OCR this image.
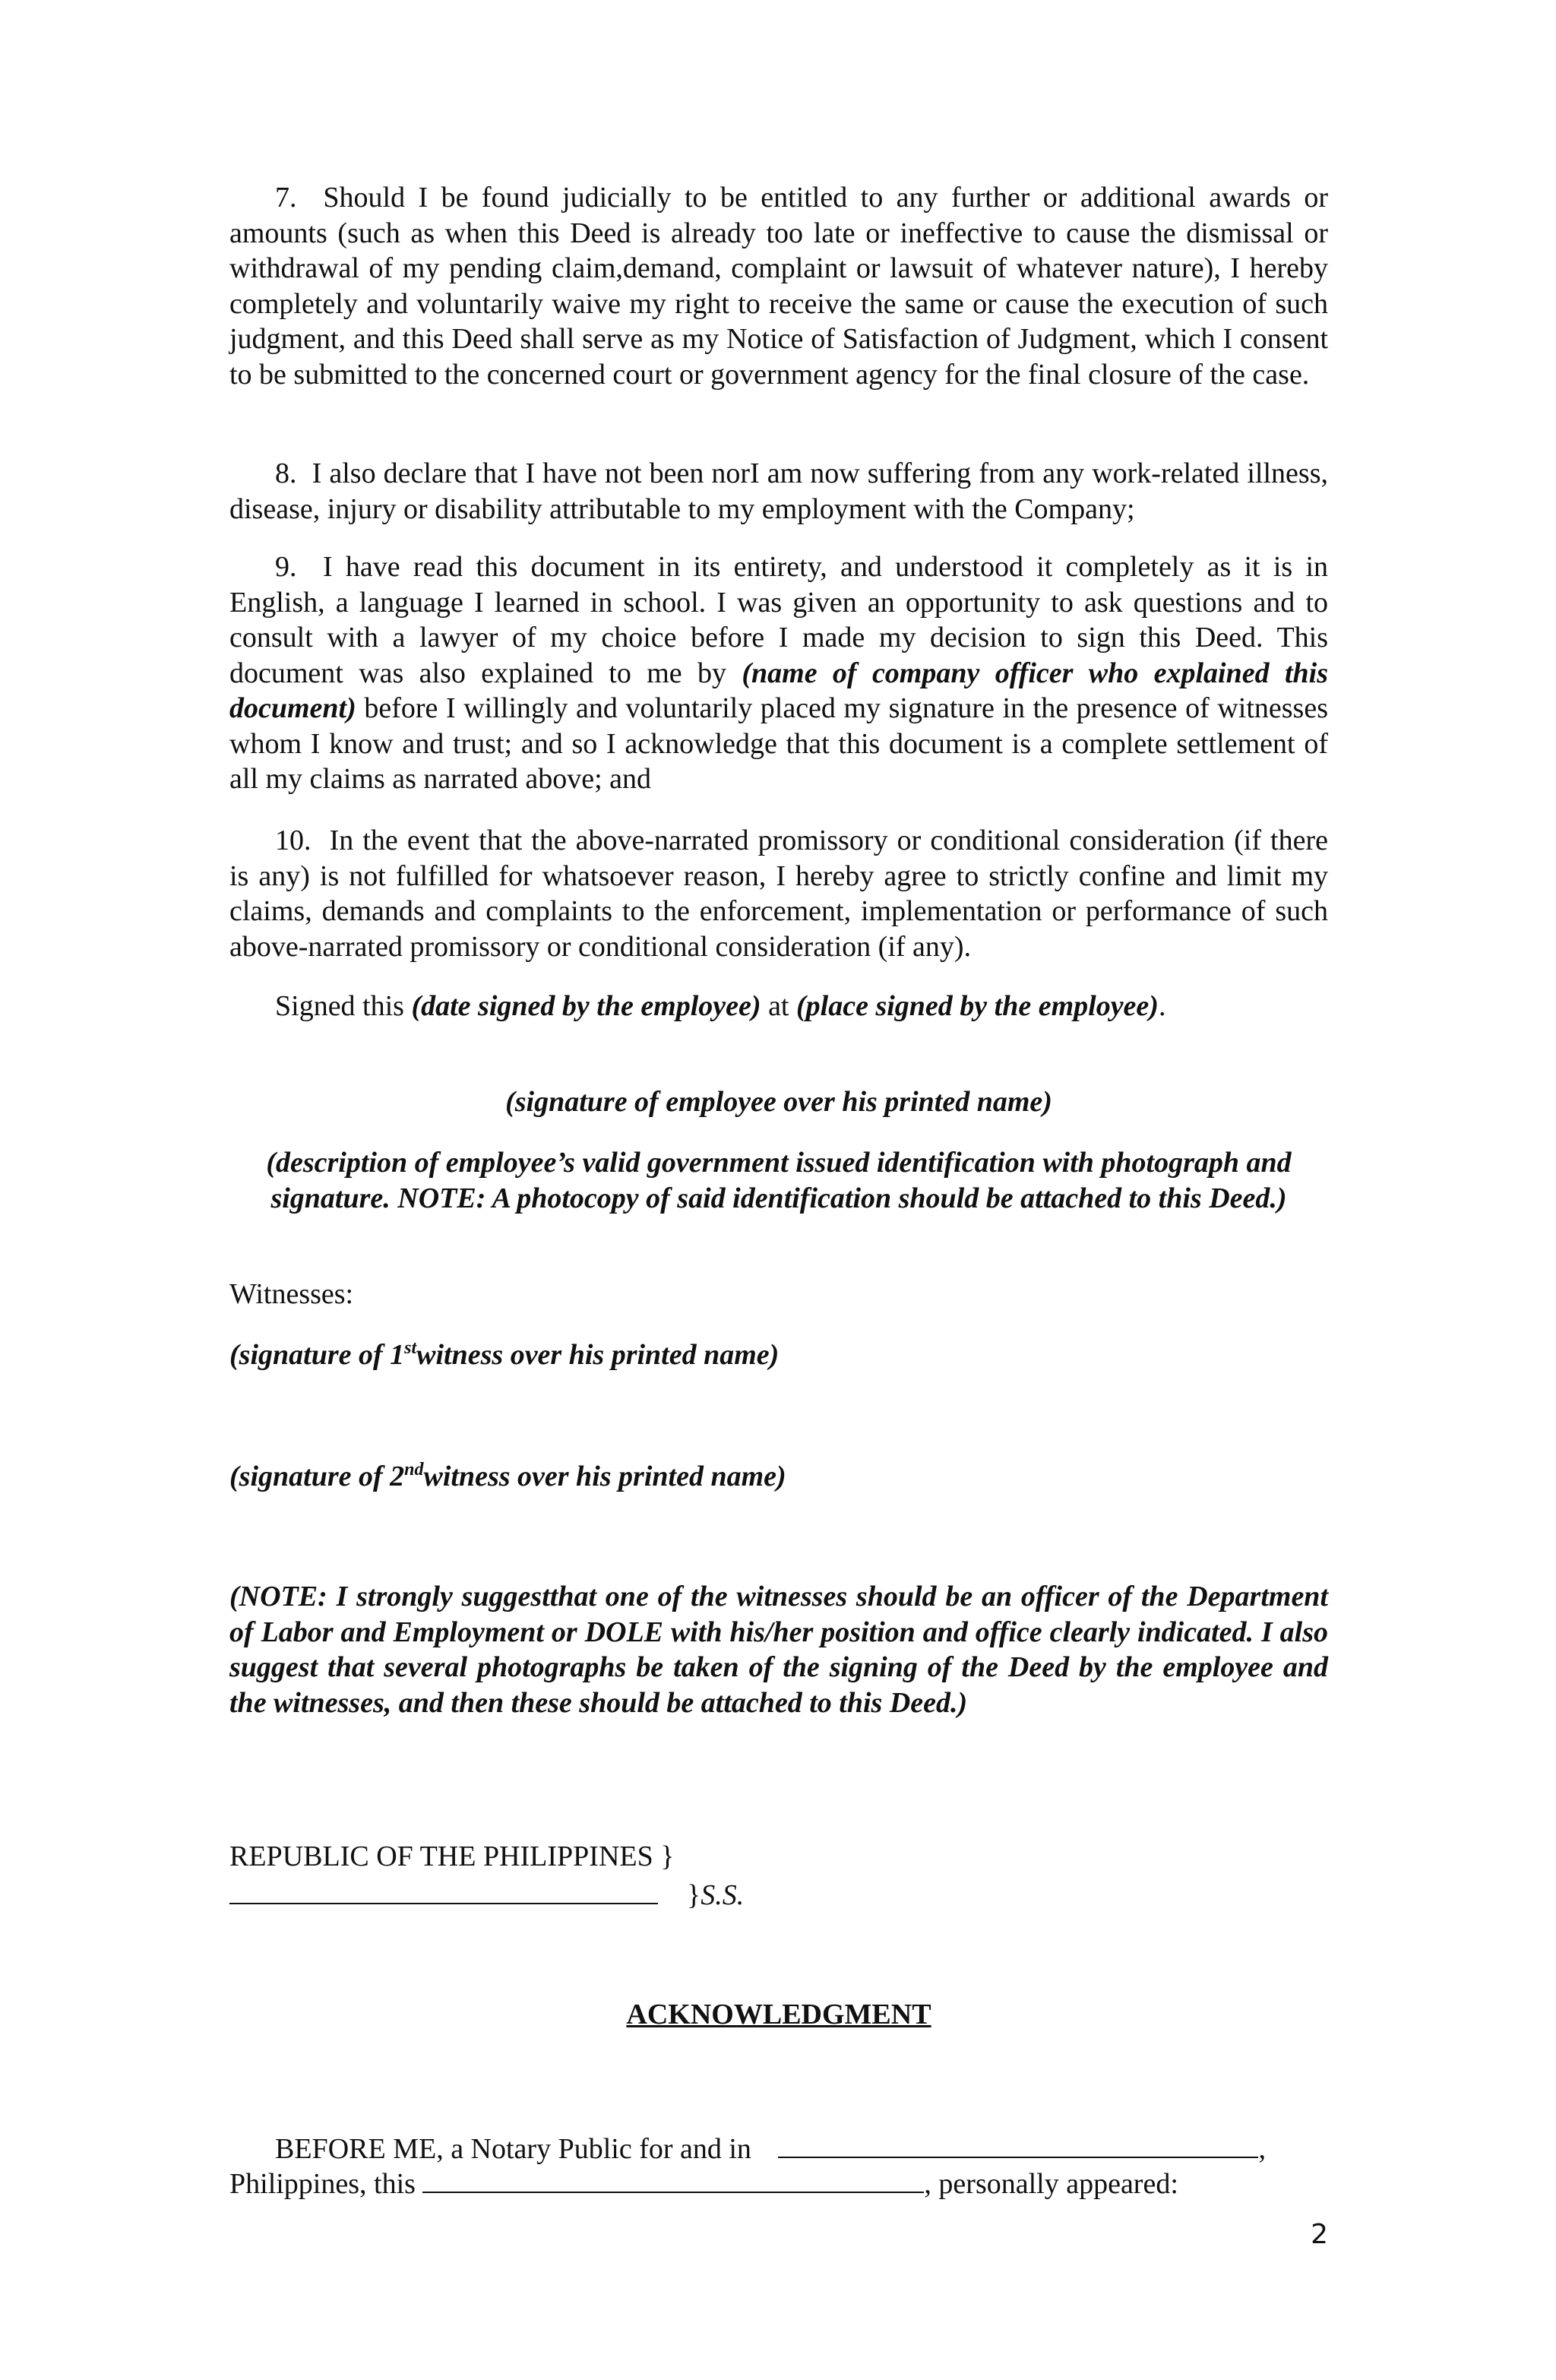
7. Should I be found judicially to be entitled to any further or additional awards or amounts (such as when this Deed is already too late or ineffective to cause the dismissal or withdrawal of my pending claim,demand, complaint or lawsuit of whatever nature), I hereby completely and voluntarily waive my right to receive the same or cause the execution of such judgment, and this Deed shall serve as my Notice of Satisfaction of Judgment, which I consent to be submitted to the concerned court or government agency for the final closure of the case.
8. I also declare that I have not been norI am now suffering from any work-related illness, disease, injury or disability attributable to my employment with the Company;
9. I have read this document in its entirety, and understood it completely as it is in English, a language I learned in school. I was given an opportunity to ask questions and to consult with a lawyer of my choice before I made my decision to sign this Deed. This document was also explained to me by (name of company officer who explained this document) before I willingly and voluntarily placed my signature in the presence of witnesses whom I know and trust; and so I acknowledge that this document is a complete settlement of all my claims as narrated above; and
10. In the event that the above-narrated promissory or conditional consideration (if there is any) is not fulfilled for whatsoever reason, I hereby agree to strictly confine and limit my claims, demands and complaints to the enforcement, implementation or performance of such above-narrated promissory or conditional consideration (if any).
Signed this (date signed by the employee) at (place signed by the employee).
(signature of employee over his printed name)
(description of employee’s valid government issued identification with photograph and signature. NOTE: A photocopy of said identification should be attached to this Deed.)
Witnesses:
(signature of 1stwitness over his printed name)
(signature of 2ndwitness over his printed name)
(NOTE: I strongly suggestthat one of the witnesses should be an officer of the Department of Labor and Employment or DOLE with his/her position and office clearly indicated. I also suggest that several photographs be taken of the signing of the Deed by the employee and the witnesses, and then these should be attached to this Deed.)
REPUBLIC OF THE PHILIPPINES }
}S.S.
ACKNOWLEDGMENT
BEFORE ME, a Notary Public for and in	,
Philippines, this	, personally appeared:
2
